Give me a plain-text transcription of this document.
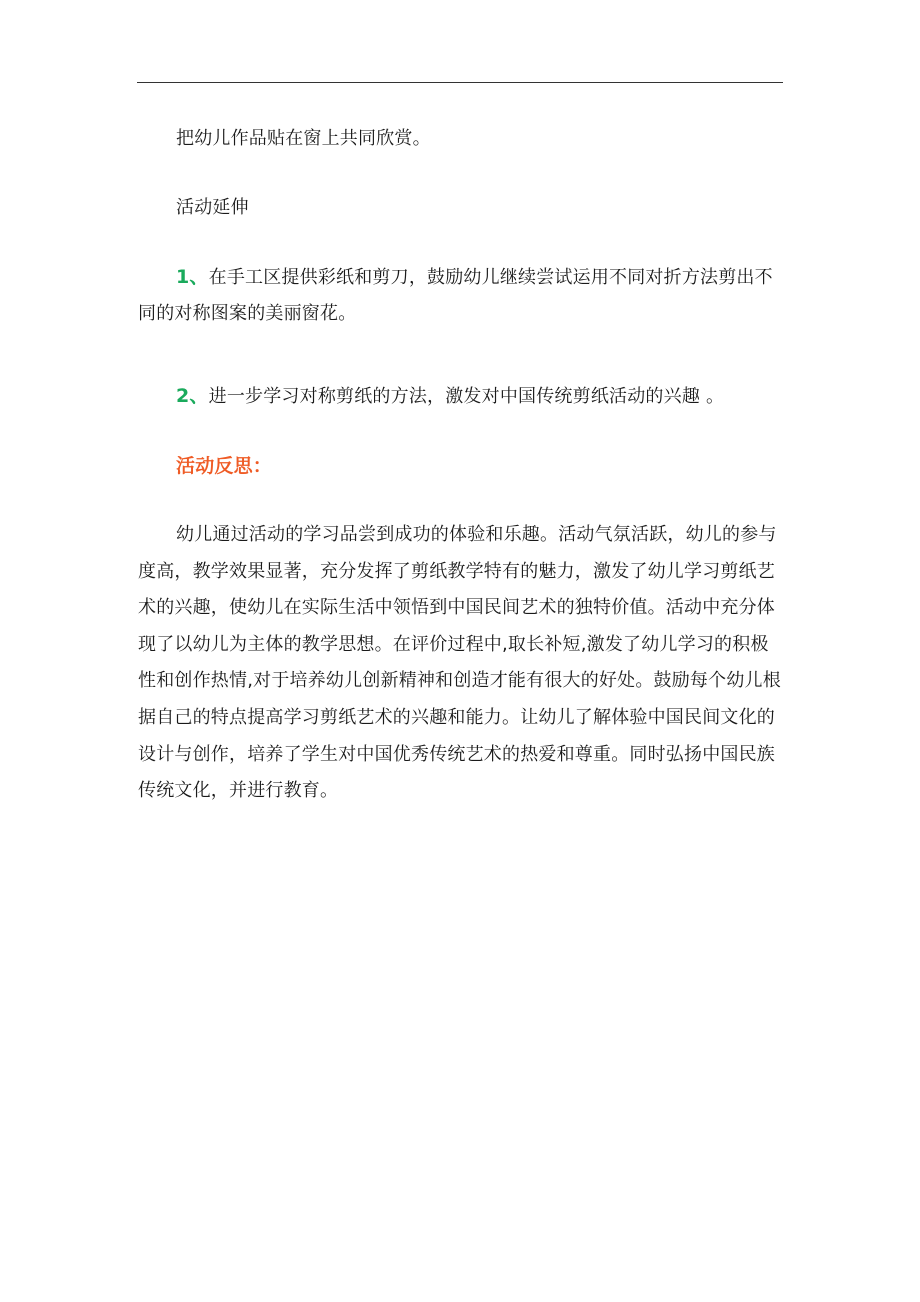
把幼儿作品贴在窗上共同欣赏。

活动延伸

1、在手工区提供彩纸和剪刀，鼓励幼儿继续尝试运用不同对折方法剪出不同的对称图案的美丽窗花。

2、进一步学习对称剪纸的方法，激发对中国传统剪纸活动的兴趣 。

活动反思：

幼儿通过活动的学习品尝到成功的体验和乐趣。活动气氛活跃，幼儿的参与度高，教学效果显著，充分发挥了剪纸教学特有的魅力，激发了幼儿学习剪纸艺术的兴趣，使幼儿在实际生活中领悟到中国民间艺术的独特价值。活动中充分体现了以幼儿为主体的教学思想。在评价过程中,取长补短,激发了幼儿学习的积极性和创作热情,对于培养幼儿创新精神和创造才能有很大的好处。鼓励每个幼儿根据自己的特点提高学习剪纸艺术的兴趣和能力。让幼儿了解体验中国民间文化的设计与创作，培养了学生对中国优秀传统艺术的热爱和尊重。同时弘扬中国民族传统文化，并进行教育。
